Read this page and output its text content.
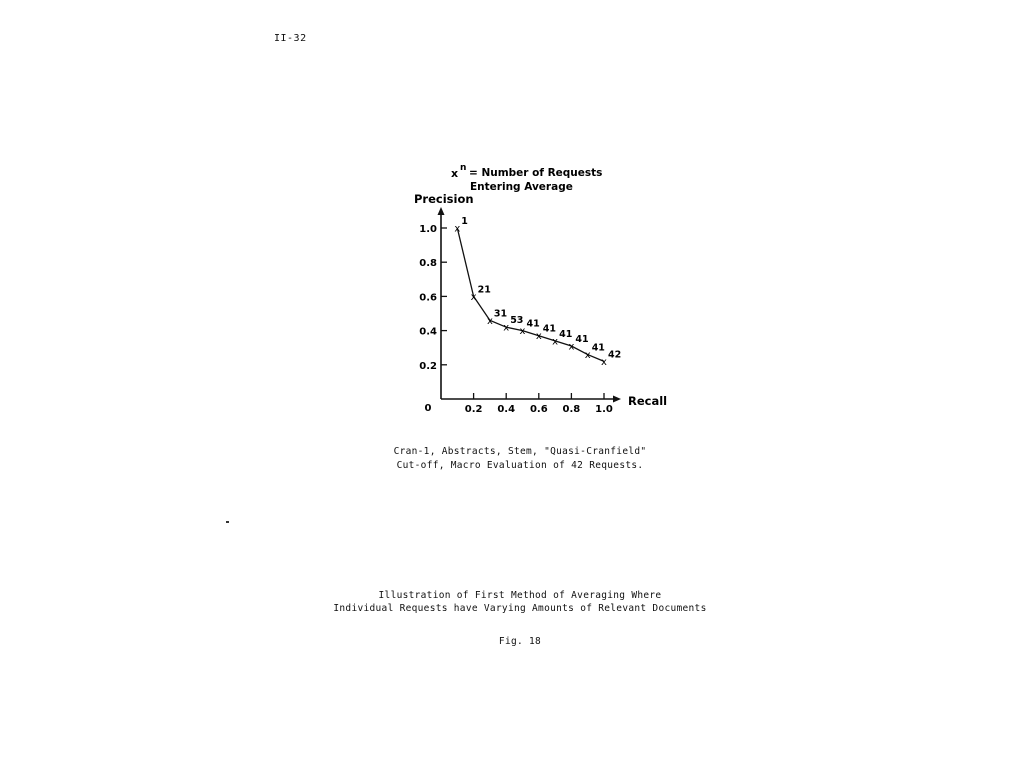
II-32
x n = Number of Requests
Entering Average
Precision
Recall
0	0.2 0.4 0.6 0.8 1.0
0.2
0.4
0.6
0.8
1.0 x
1
x
21
x
31
x
53
x
41
x
41
x
41
x
41
x
41
x
42
Cran-1, Abstracts, Stem, "Quasi-Cranfield"
Cut-off, Macro Evaluation of 42 Requests.
Illustration of First Method of Averaging Where
Individual Requests have Varying Amounts of Relevant Documents
Fig. 18
